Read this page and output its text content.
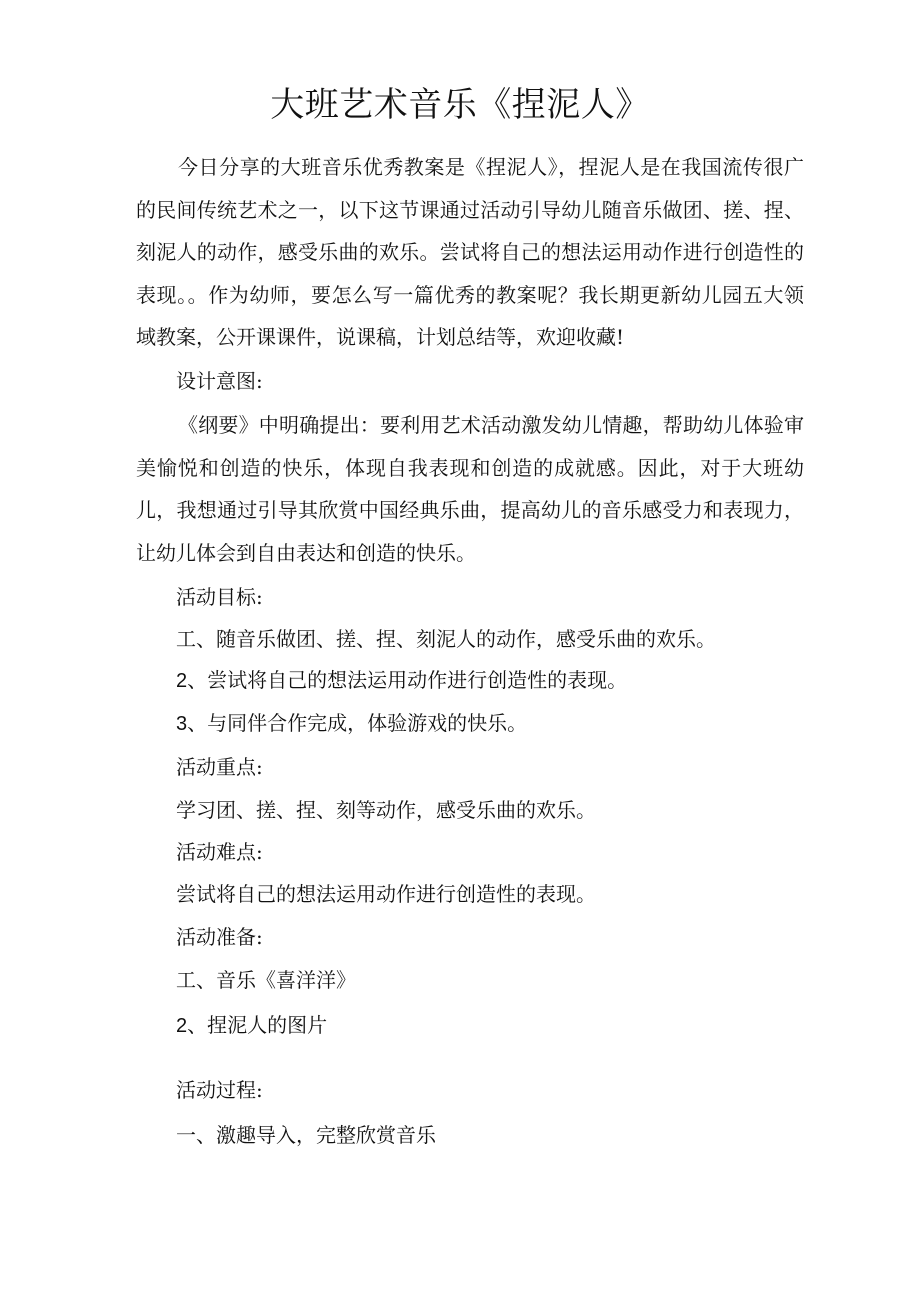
大班艺术音乐《捏泥人》

今日分享的大班音乐优秀教案是《捏泥人》，捏泥人是在我国流传很广的民间传统艺术之一，以下这节课通过活动引导幼儿随音乐做团、搓、捏、刻泥人的动作，感受乐曲的欢乐。尝试将自己的想法运用动作进行创造性的表现。。作为幼师，要怎么写一篇优秀的教案呢？我长期更新幼儿园五大领域教案，公开课课件，说课稿，计划总结等，欢迎收藏!

设计意图:

《纲要》中明确提出：要利用艺术活动激发幼儿情趣，帮助幼儿体验审美愉悦和创造的快乐，体现自我表现和创造的成就感。因此，对于大班幼儿，我想通过引导其欣赏中国经典乐曲，提高幼儿的音乐感受力和表现力，让幼儿体会到自由表达和创造的快乐。

活动目标:

工、随音乐做团、搓、捏、刻泥人的动作，感受乐曲的欢乐。

2、尝试将自己的想法运用动作进行创造性的表现。

3、与同伴合作完成，体验游戏的快乐。

活动重点:

学习团、搓、捏、刻等动作，感受乐曲的欢乐。

活动难点:

尝试将自己的想法运用动作进行创造性的表现。

活动准备:

工、音乐《喜洋洋》

2、捏泥人的图片

活动过程:

一、激趣导入，完整欣赏音乐
